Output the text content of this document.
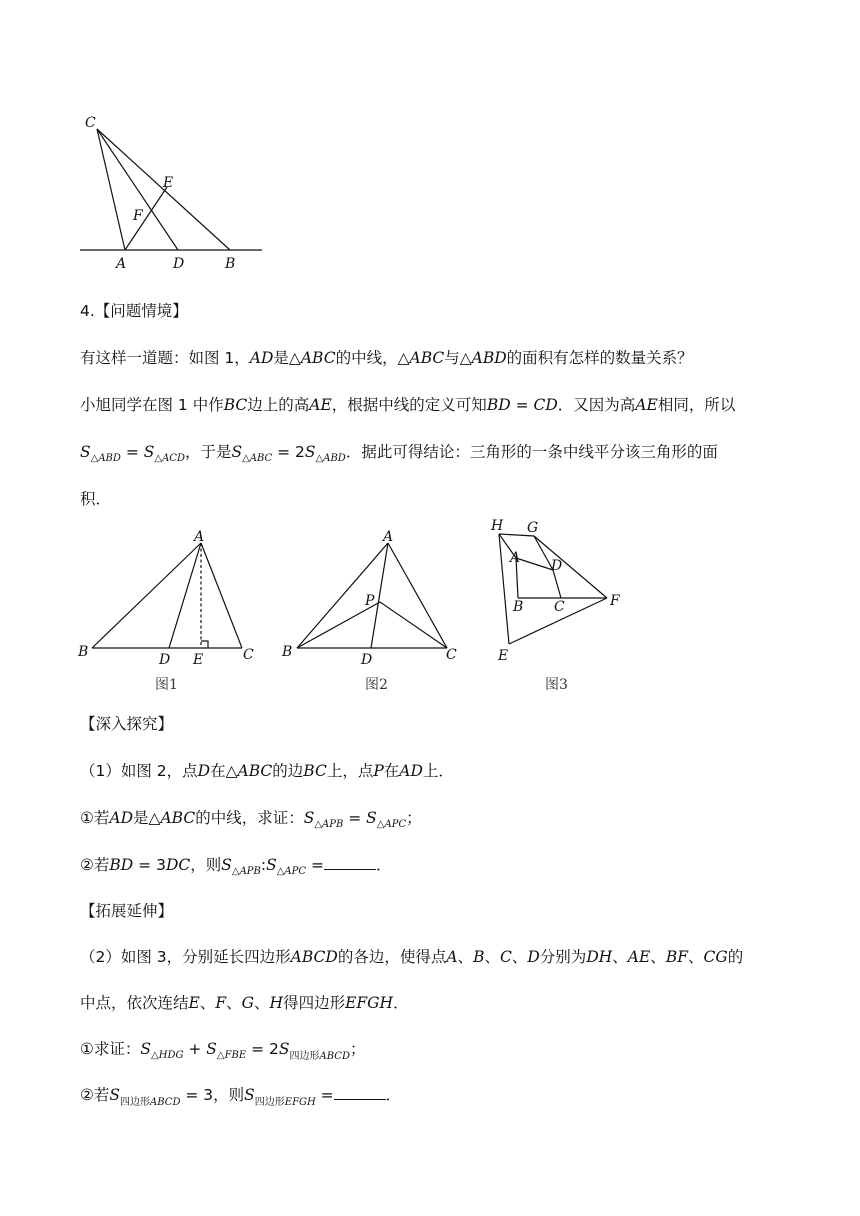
C
E
F
A	D	B
4.【问题情境】
有这样一道题：如图 1，AD是△ABC的中线，△ABC与△ABD的面积有怎样的数量关系？
小旭同学在图 1 中作BC边上的高AE，根据中线的定义可知BD = CD．又因为高AE相同，所以
$S_{\triangle ABD} = S_{\triangle ACD}$，于是$S_{\triangle ABC} = 2S_{\triangle ABD}$．据此可得结论：三角形的一条中线平分该三角形的面
积．
A
B	D E	C
图1
A
P
B	D	C
图2
H G
A D
B C	F
E
图3
【深入探究】
（1）如图 2，点D在△ABC的边BC上，点P在AD上．
①若AD是△ABC的中线，求证：$S_{\triangle APB} = S_{\triangle APC}$；
②若BD = 3DC，则$S_{\triangle APB}:S_{\triangle APC}$ =	．
【拓展延伸】
（2）如图 3，分别延长四边形ABCD的各边，使得点A、B、C、D分别为DH、AE、BF、CG的
中点，依次连结E、F、G、H得四边形EFGH．
①求证：$S_{\triangle HDG} + S_{\triangle FBE} = 2S_{四边形ABCD}$；
②若$S_{四边形ABCD} = 3$，则$S_{四边形EFGH}$ =	．
